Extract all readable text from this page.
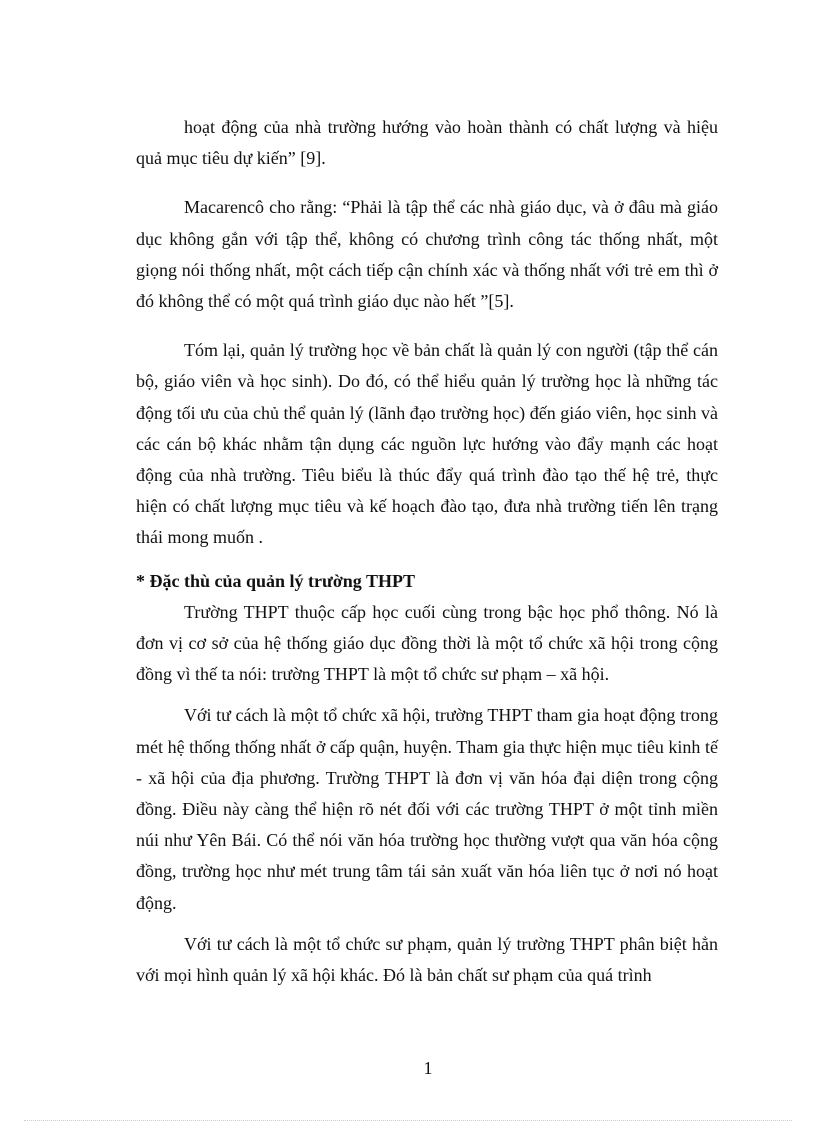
hoạt động của nhà trường hướng vào hoàn thành có chất lượng và hiệu quả mục tiêu dự kiến” [9].

Macarencô cho rằng: “Phải là tập thể các nhà giáo dục, và ở đâu mà giáo dục không gắn với tập thể, không có chương trình công tác thống nhất, một giọng nói thống nhất, một cách tiếp cận chính xác và thống nhất với trẻ em thì ở đó không thể có một quá trình giáo dục nào hết ”[5].

Tóm lại, quản lý trường học về bản chất là quản lý con người (tập thể cán bộ, giáo viên và học sinh). Do đó, có thể hiểu quản lý trường học là những tác động tối ưu của chủ thể quản lý (lãnh đạo trường học) đến giáo viên, học sinh và các cán bộ khác nhằm tận dụng các nguồn lực hướng vào đẩy mạnh các hoạt động của nhà trường. Tiêu biểu là thúc đẩy quá trình đào tạo thế hệ trẻ, thực hiện có chất lượng mục tiêu và kế hoạch đào tạo, đưa nhà trường tiến lên trạng thái mong muốn .

* Đặc thù của quản lý trường THPT

Trường THPT thuộc cấp học cuối cùng trong bậc học phổ thông. Nó là đơn vị cơ sở của hệ thống giáo dục đồng thời là một tổ chức xã hội trong cộng đồng vì thế ta nói: trường THPT là một tổ chức sư phạm – xã hội.

Với tư cách là một tổ chức xã hội, trường THPT tham gia hoạt động trong mét hệ thống thống nhất ở cấp quận, huyện. Tham gia thực hiện mục tiêu kinh tế - xã hội của địa phương. Trường THPT là đơn vị văn hóa đại diện trong cộng đồng. Điều này càng thể hiện rõ nét đối với các trường THPT ở một tỉnh miền núi như Yên Bái. Có thể nói văn hóa trường học thường vượt qua văn hóa cộng đồng, trường học như mét trung tâm tái sản xuất văn hóa liên tục ở nơi nó hoạt động.

Với tư cách là một tổ chức sư phạm, quản lý trường THPT phân biệt hẳn với mọi hình quản lý xã hội khác. Đó là bản chất sư phạm của quá trình

1
